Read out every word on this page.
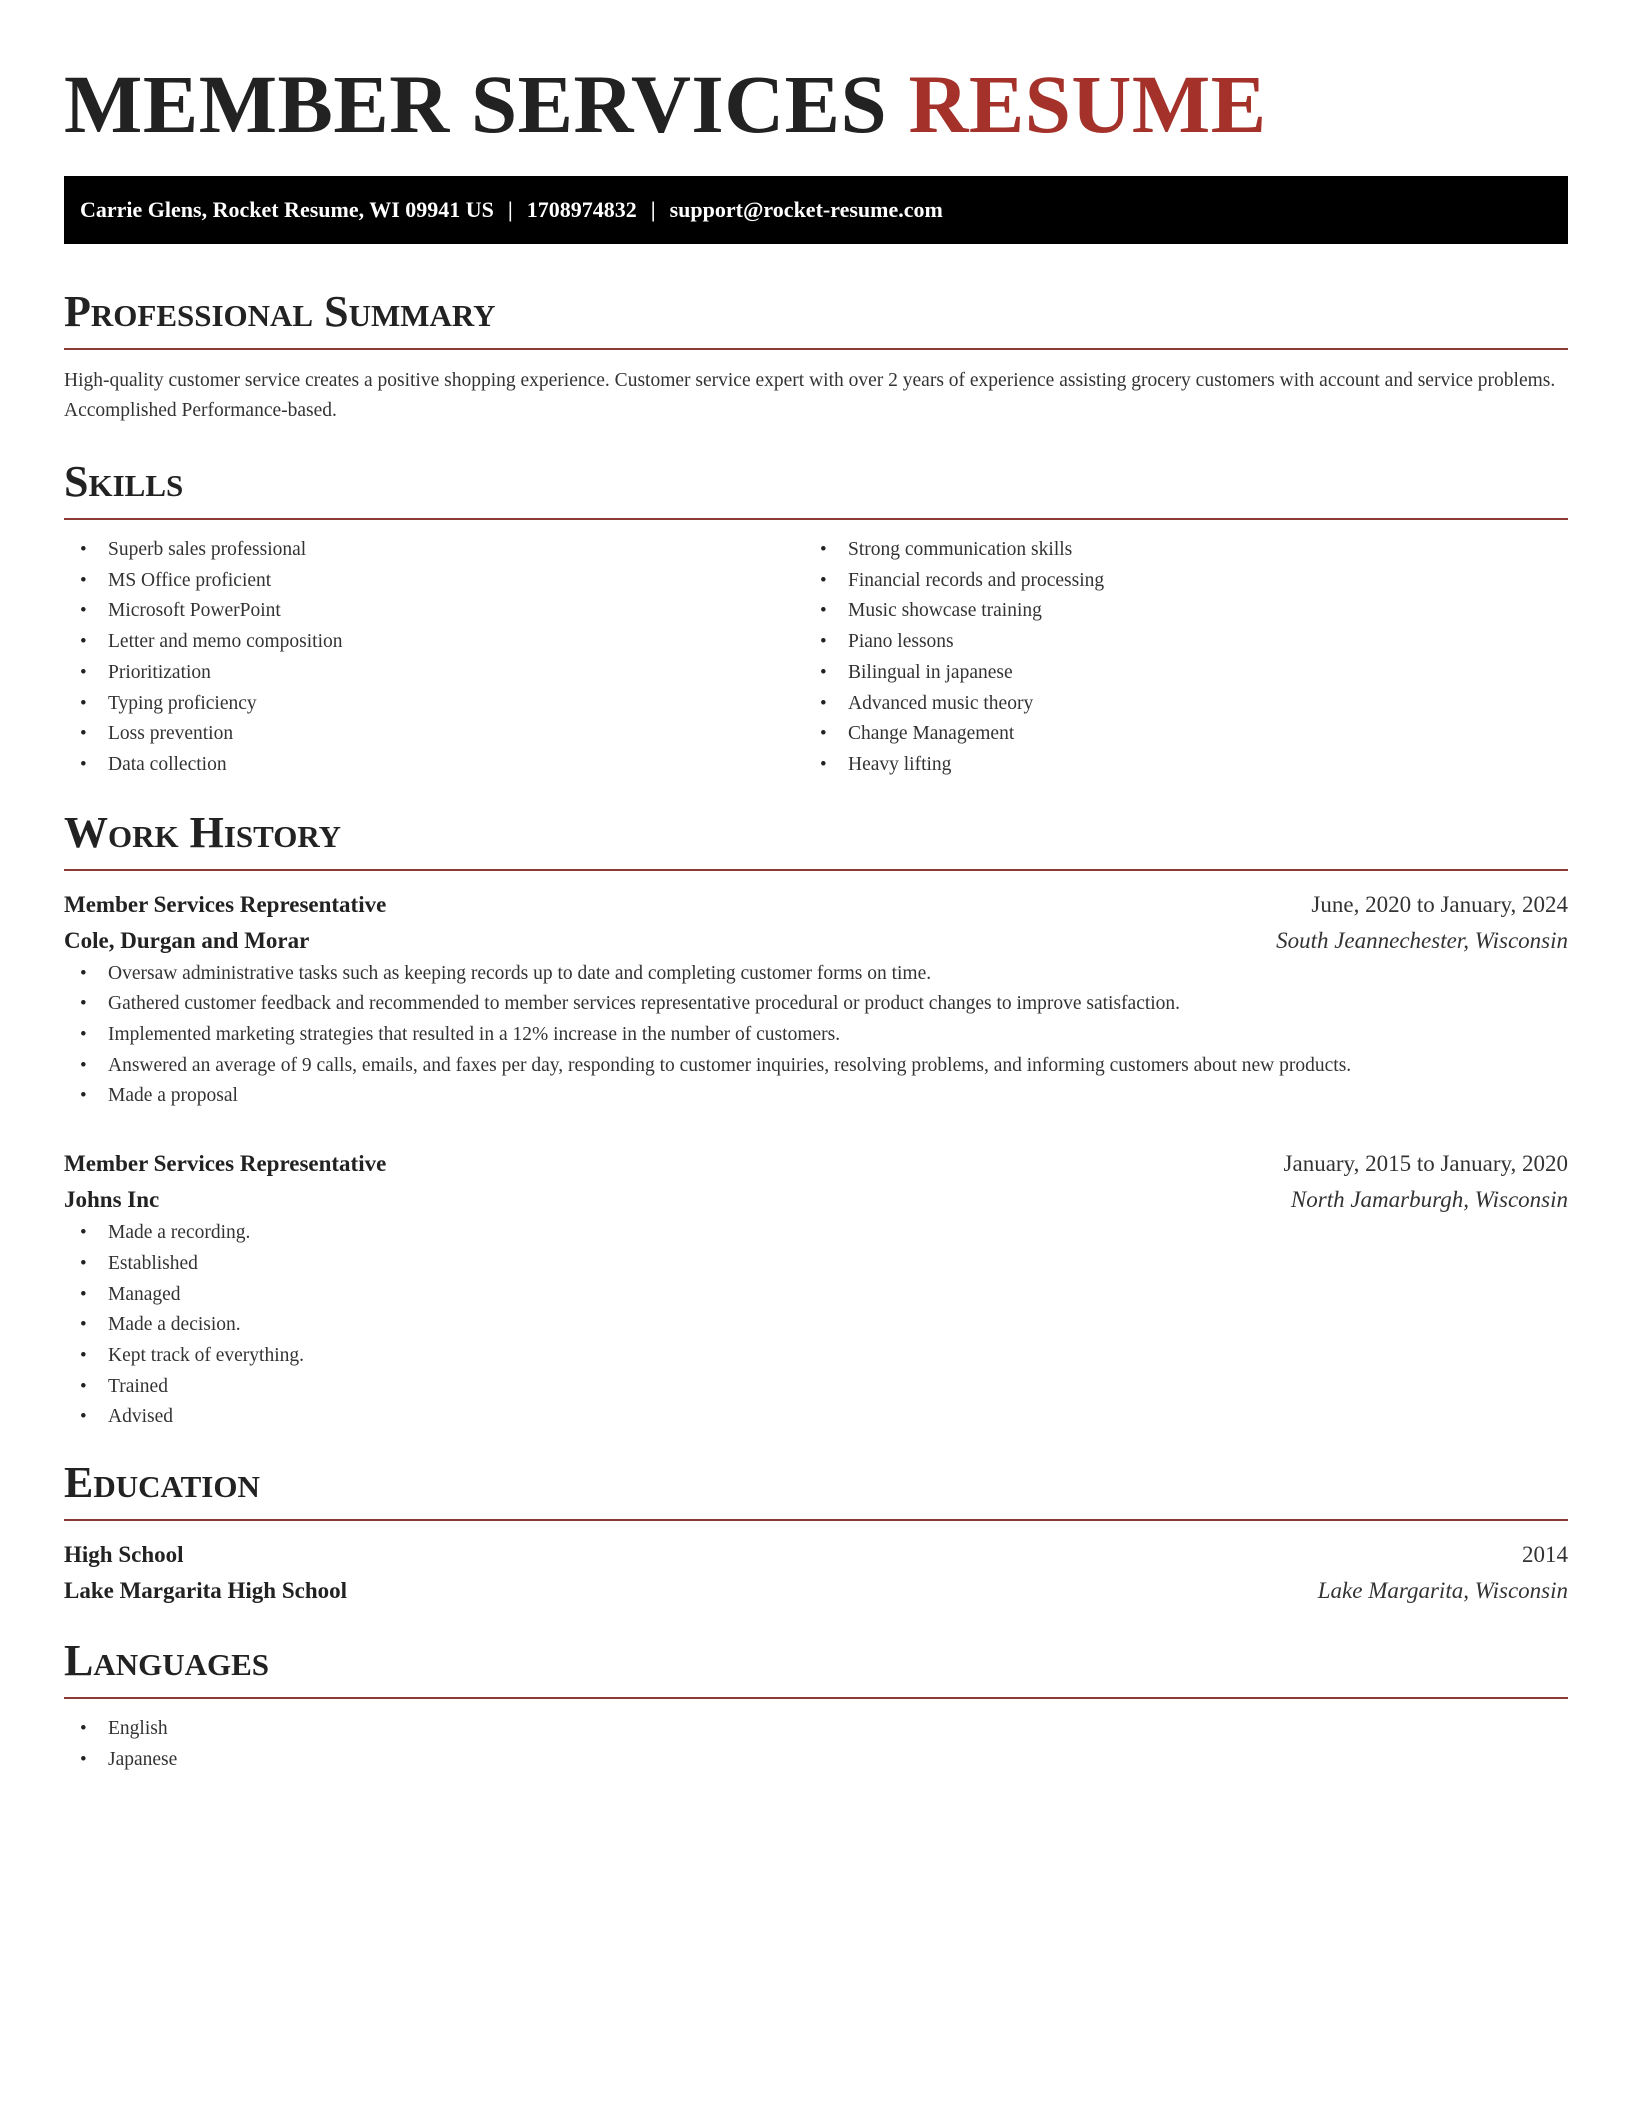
MEMBER SERVICES RESUME
Carrie Glens, Rocket Resume, WI 09941 US | 1708974832 | support@rocket-resume.com
Professional Summary

High-quality customer service creates a positive shopping experience. Customer service expert with over 2 years of experience assisting grocery customers with account and service problems. Accomplished Performance-based.

Skills
• Superb sales professional
• MS Office proficient
• Microsoft PowerPoint
• Letter and memo composition
• Prioritization
• Typing proficiency
• Loss prevention
• Data collection
• Strong communication skills
• Financial records and processing
• Music showcase training
• Piano lessons
• Bilingual in japanese
• Advanced music theory
• Change Management
• Heavy lifting
Work History
Member Services Representative	June, 2020 to January, 2024
Cole, Durgan and Morar	South Jeannechester, Wisconsin
• Oversaw administrative tasks such as keeping records up to date and completing customer forms on time.
• Gathered customer feedback and recommended to member services representative procedural or product changes to improve satisfaction.
• Implemented marketing strategies that resulted in a 12% increase in the number of customers.
• Answered an average of 9 calls, emails, and faxes per day, responding to customer inquiries, resolving problems, and informing customers about new products.
• Made a proposal
Member Services Representative	January, 2015 to January, 2020
Johns Inc	North Jamarburgh, Wisconsin
• Made a recording.
• Established
• Managed
• Made a decision.
• Kept track of everything.
• Trained
• Advised
Education
High School	2014
Lake Margarita High School	Lake Margarita, Wisconsin
Languages
• English
• Japanese
